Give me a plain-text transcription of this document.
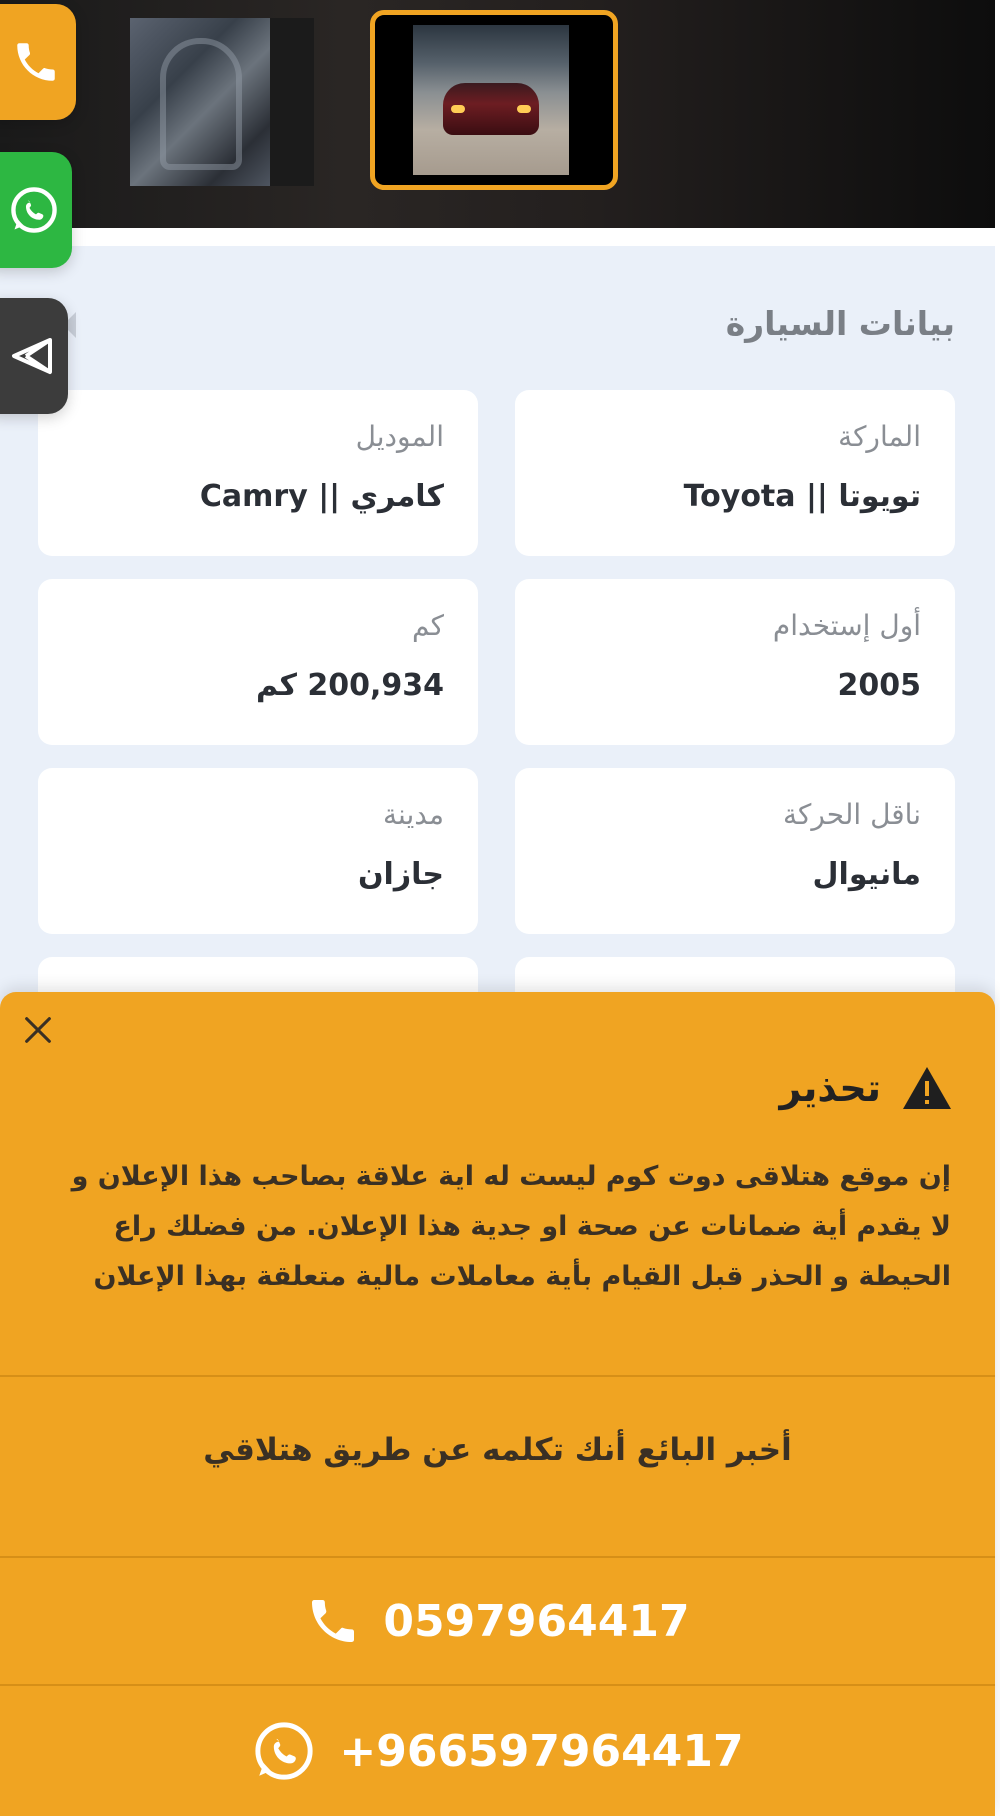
بيانات السيارة
الماركة
تويوتا || Toyota
الموديل
كامري || Camry
أول إستخدام
2005
كم
200,934 كم
ناقل الحركة
مانيوال
مدينة
جازان
تحذير

إن موقع هتلاقى دوت كوم ليست له اية علاقة بصاحب هذا الإعلان و لا يقدم أية ضمانات عن صحة او جدية هذا الإعلان. من فضلك راع الحيطة و الحذر قبل القيام بأية معاملات مالية متعلقة بهذا الإعلان

أخبر البائع أنك تكلمه عن طريق هتلاقي

0597964417
+966597964417
